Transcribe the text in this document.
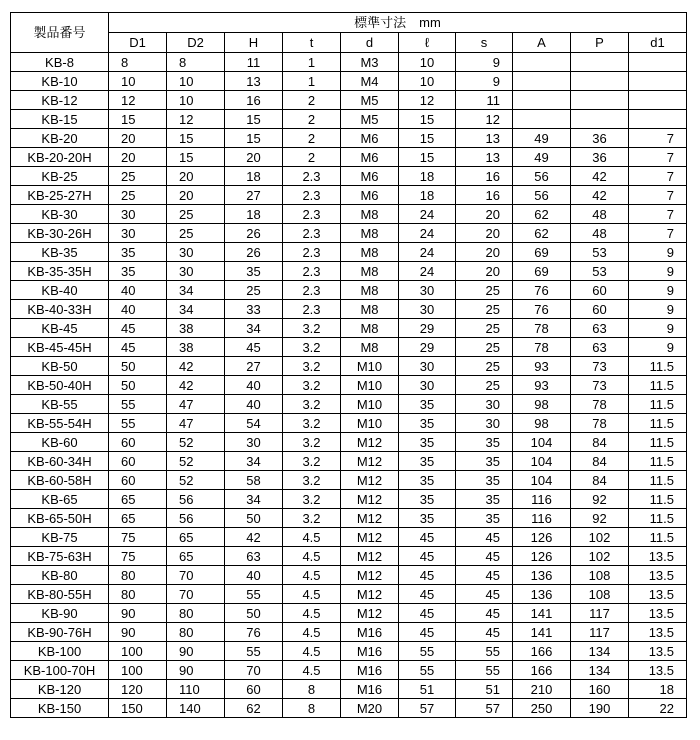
製品番号	標準寸法　mm									
	D1	D2	H	t	d	ℓ	s	A	P	d1
KB-8	8	8	11	1	M3	10	9			
KB-10	10	10	13	1	M4	10	9			
KB-12	12	10	16	2	M5	12	11			
KB-15	15	12	15	2	M5	15	12			
KB-20	20	15	15	2	M6	15	13	49	36	7
KB-20-20H	20	15	20	2	M6	15	13	49	36	7
KB-25	25	20	18	2.3	M6	18	16	56	42	7
KB-25-27H	25	20	27	2.3	M6	18	16	56	42	7
KB-30	30	25	18	2.3	M8	24	20	62	48	7
KB-30-26H	30	25	26	2.3	M8	24	20	62	48	7
KB-35	35	30	26	2.3	M8	24	20	69	53	9
KB-35-35H	35	30	35	2.3	M8	24	20	69	53	9
KB-40	40	34	25	2.3	M8	30	25	76	60	9
KB-40-33H	40	34	33	2.3	M8	30	25	76	60	9
KB-45	45	38	34	3.2	M8	29	25	78	63	9
KB-45-45H	45	38	45	3.2	M8	29	25	78	63	9
KB-50	50	42	27	3.2	M10	30	25	93	73	11.5
KB-50-40H	50	42	40	3.2	M10	30	25	93	73	11.5
KB-55	55	47	40	3.2	M10	35	30	98	78	11.5
KB-55-54H	55	47	54	3.2	M10	35	30	98	78	11.5
KB-60	60	52	30	3.2	M12	35	35	104	84	11.5
KB-60-34H	60	52	34	3.2	M12	35	35	104	84	11.5
KB-60-58H	60	52	58	3.2	M12	35	35	104	84	11.5
KB-65	65	56	34	3.2	M12	35	35	116	92	11.5
KB-65-50H	65	56	50	3.2	M12	35	35	116	92	11.5
KB-75	75	65	42	4.5	M12	45	45	126	102	11.5
KB-75-63H	75	65	63	4.5	M12	45	45	126	102	13.5
KB-80	80	70	40	4.5	M12	45	45	136	108	13.5
KB-80-55H	80	70	55	4.5	M12	45	45	136	108	13.5
KB-90	90	80	50	4.5	M12	45	45	141	117	13.5
KB-90-76H	90	80	76	4.5	M16	45	45	141	117	13.5
KB-100	100	90	55	4.5	M16	55	55	166	134	13.5
KB-100-70H	100	90	70	4.5	M16	55	55	166	134	13.5
KB-120	120	110	60	8	M16	51	51	210	160	18
KB-150	150	140	62	8	M20	57	57	250	190	22
